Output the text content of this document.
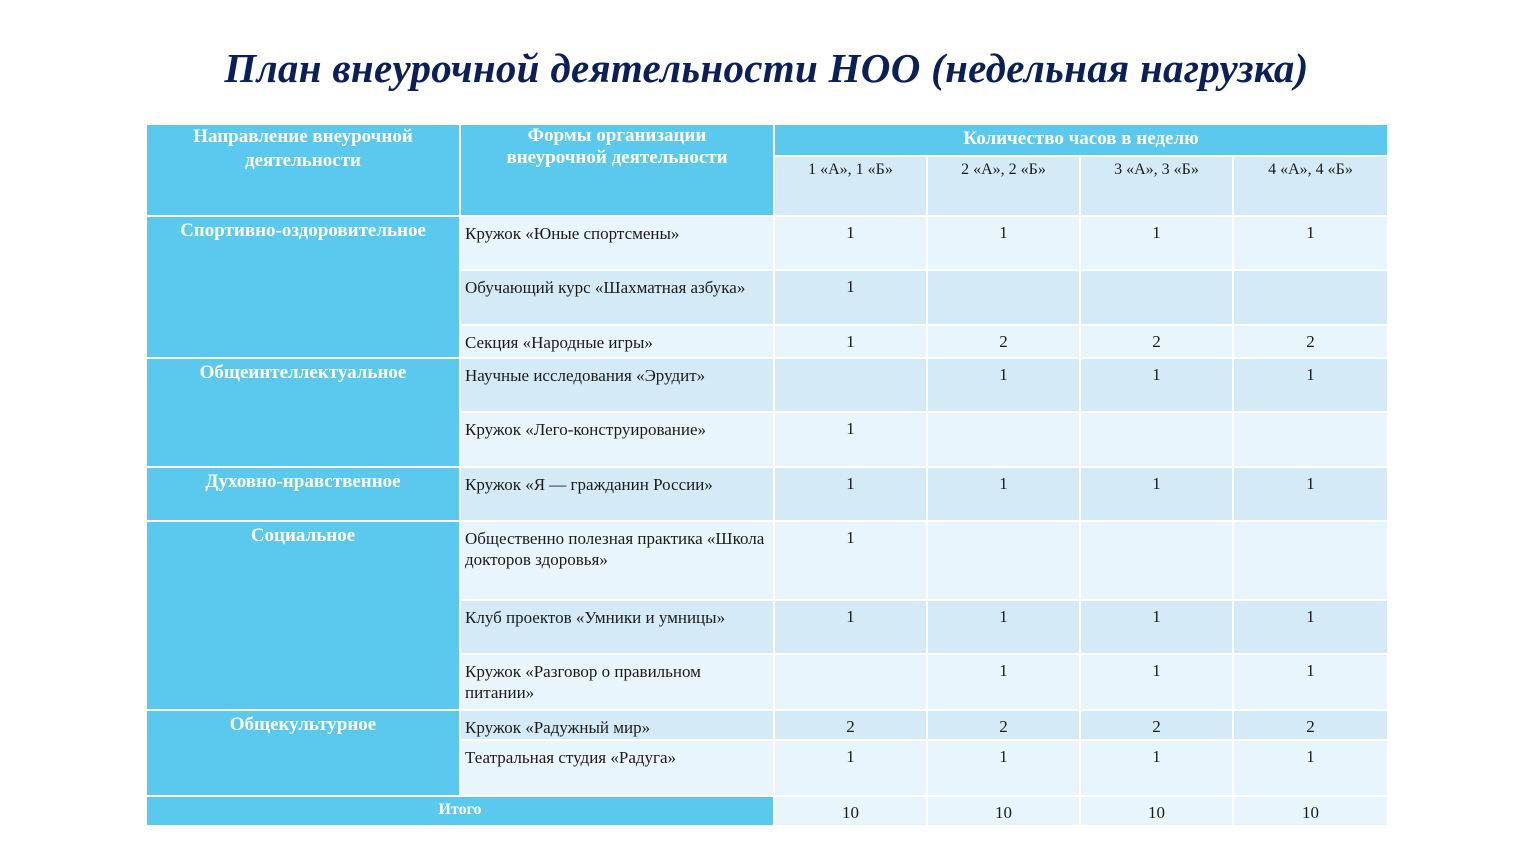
План внеурочной деятельности НОО (недельная нагрузка)
Направление внеурочной деятельности	Формы организации внеурочной деятельности	Количество часов в неделю			
		1 «А», 1 «Б»	2 «А», 2 «Б»	3 «А», 3 «Б»	4 «А», 4 «Б»
Спортивно-оздоровительное	Кружок «Юные спортсмены»	1	1	1	1
	Обучающий курс «Шахматная азбука»	1			
	Секция «Народные игры»	1	2	2	2
Общеинтеллектуальное	Научные исследования «Эрудит»		1	1	1
	Кружок «Лего-конструирование»	1			
Духовно-нравственное	Кружок «Я — гражданин России»	1	1	1	1
Социальное	Общественно полезная практика «Школа докторов здоровья»	1			
	Клуб проектов «Умники и умницы»	1	1	1	1
	Кружок «Разговор о правильном питании»		1	1	1
Общекультурное	Кружок «Радужный мир»	2	2	2	2
	Театральная студия «Радуга»	1	1	1	1
Итого		10	10	10	10
